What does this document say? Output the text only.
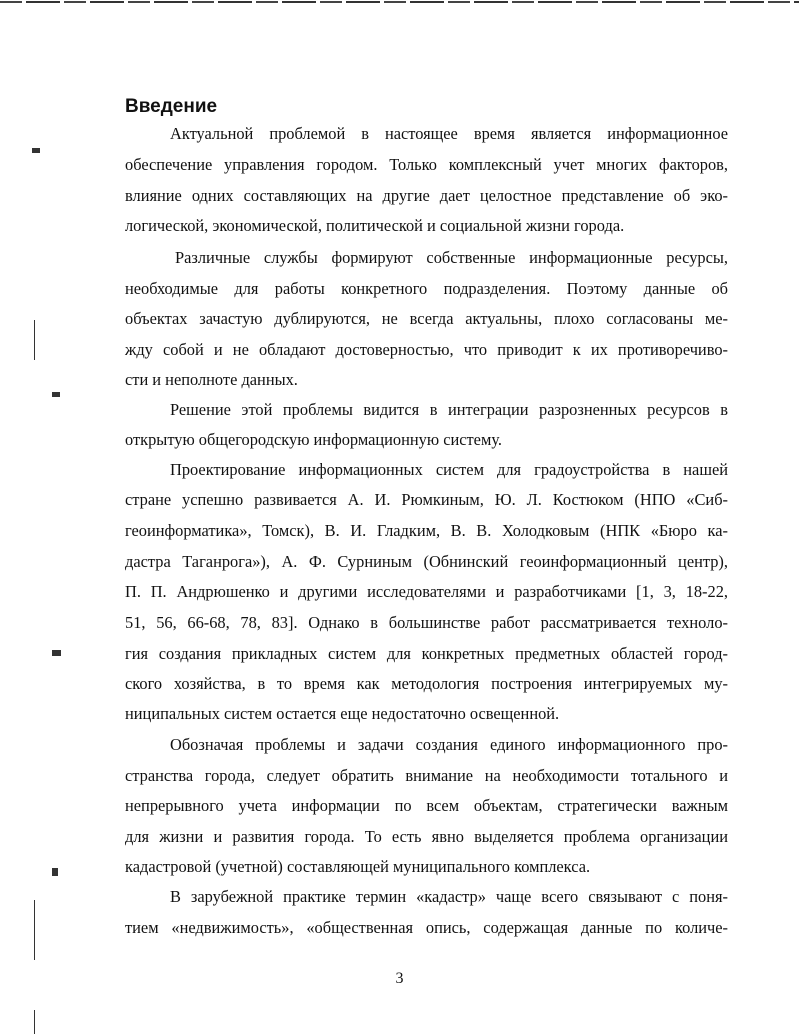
Введение
Актуальной проблемой в настоящее время является информационное
обеспечение управления городом. Только комплексный учет многих факторов,
влияние одних составляющих на другие дает целостное представление об эко-
логической, экономической, политической и социальной жизни города.
Различные службы формируют собственные информационные ресурсы,
необходимые для работы конкретного подразделения. Поэтому данные об
объектах зачастую дублируются, не всегда актуальны, плохо согласованы ме-
жду собой и не обладают достоверностью, что приводит к их противоречиво-
сти и неполноте данных.
Решение этой проблемы видится в интеграции разрозненных ресурсов в
открытую общегородскую информационную систему.
Проектирование информационных систем для градоустройства в нашей
стране успешно развивается А. И. Рюмкиным, Ю. Л. Костюком (НПО «Сиб-
геоинформатика», Томск), В. И. Гладким, В. В. Холодковым (НПК «Бюро ка-
дастра Таганрога»), А. Ф. Сурниным (Обнинский геоинформационный центр),
П. П. Андрюшенко и другими исследователями и разработчиками [1, 3, 18-22,
51, 56, 66-68, 78, 83]. Однако в большинстве работ рассматривается техноло-
гия создания прикладных систем для конкретных предметных областей город-
ского хозяйства, в то время как методология построения интегрируемых му-
ниципальных систем остается еще недостаточно освещенной.
Обозначая проблемы и задачи создания единого информационного про-
странства города, следует обратить внимание на необходимости тотального и
непрерывного учета информации по всем объектам, стратегически важным
для жизни и развития города. То есть явно выделяется проблема организации
кадастровой (учетной) составляющей муниципального комплекса.
В зарубежной практике термин «кадастр» чаще всего связывают с поня-
тием «недвижимость», «общественная опись, содержащая данные по количе-
3
